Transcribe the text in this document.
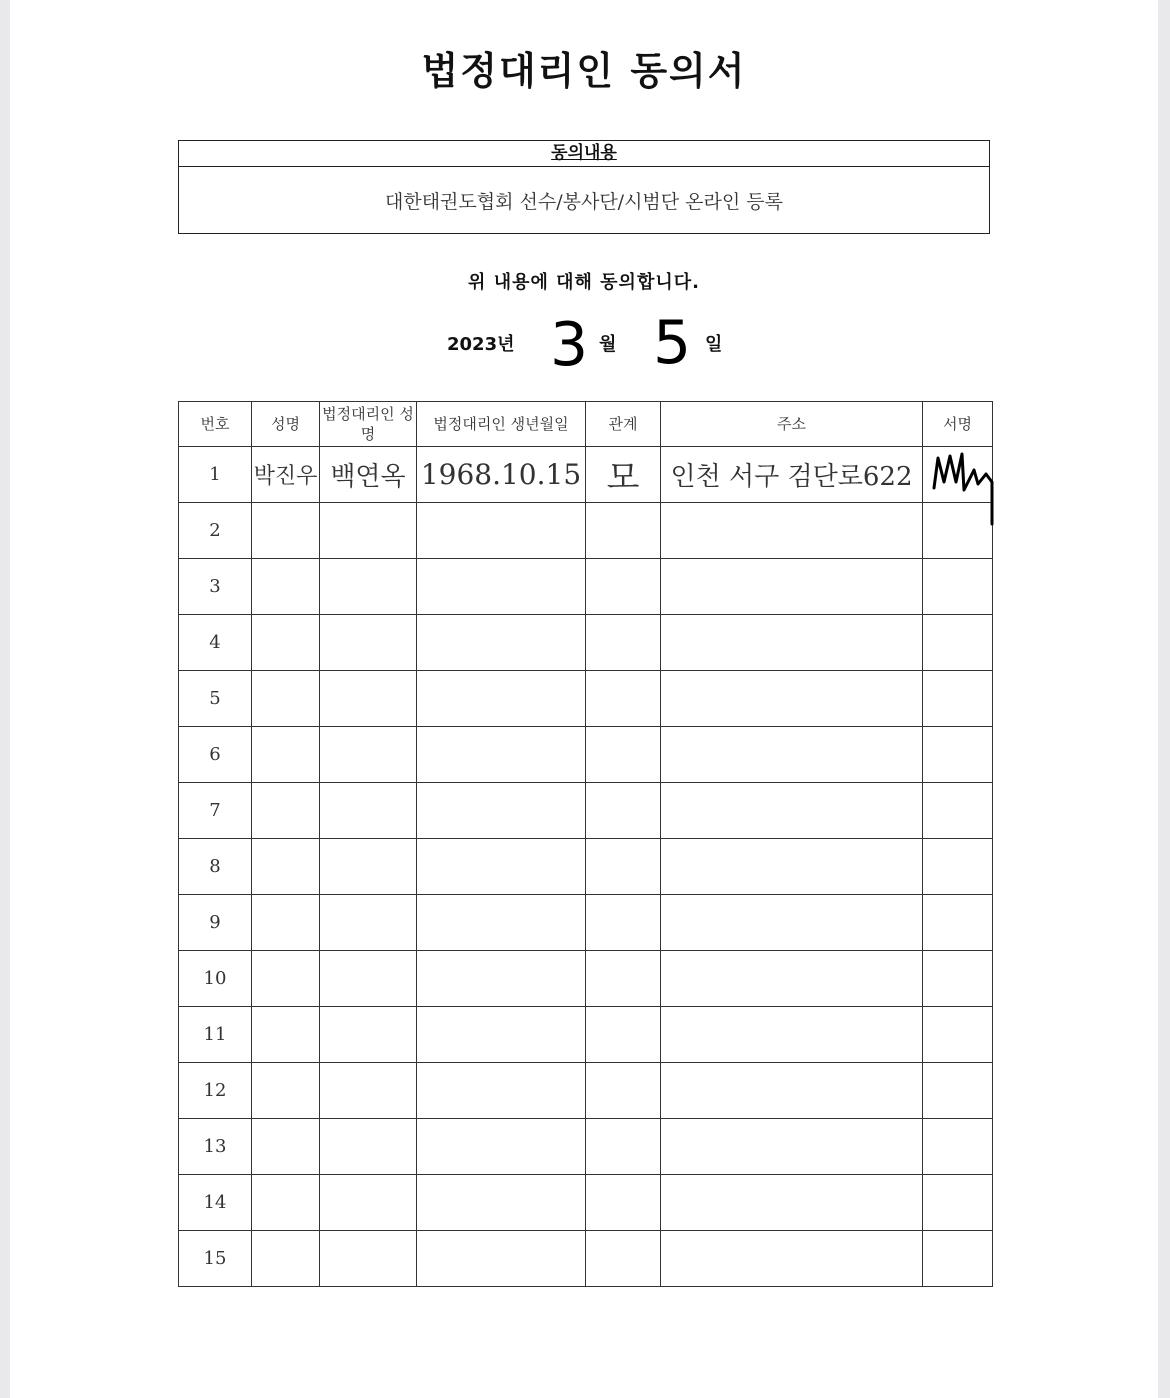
법정대리인 동의서
동의내용
대한태권도협회 선수/봉사단/시범단 온라인 등록
위 내용에 대해 동의합니다.
2023년 3 월 5 일
번호	성명	법정대리인 성명	법정대리인 생년월일	관계	주소	서명
1	박진우	백연옥	1968.10.15	모	인천 서구 검단로622	
2						
3						
4						
5						
6						
7						
8						
9						
10						
11						
12						
13						
14						
15						
